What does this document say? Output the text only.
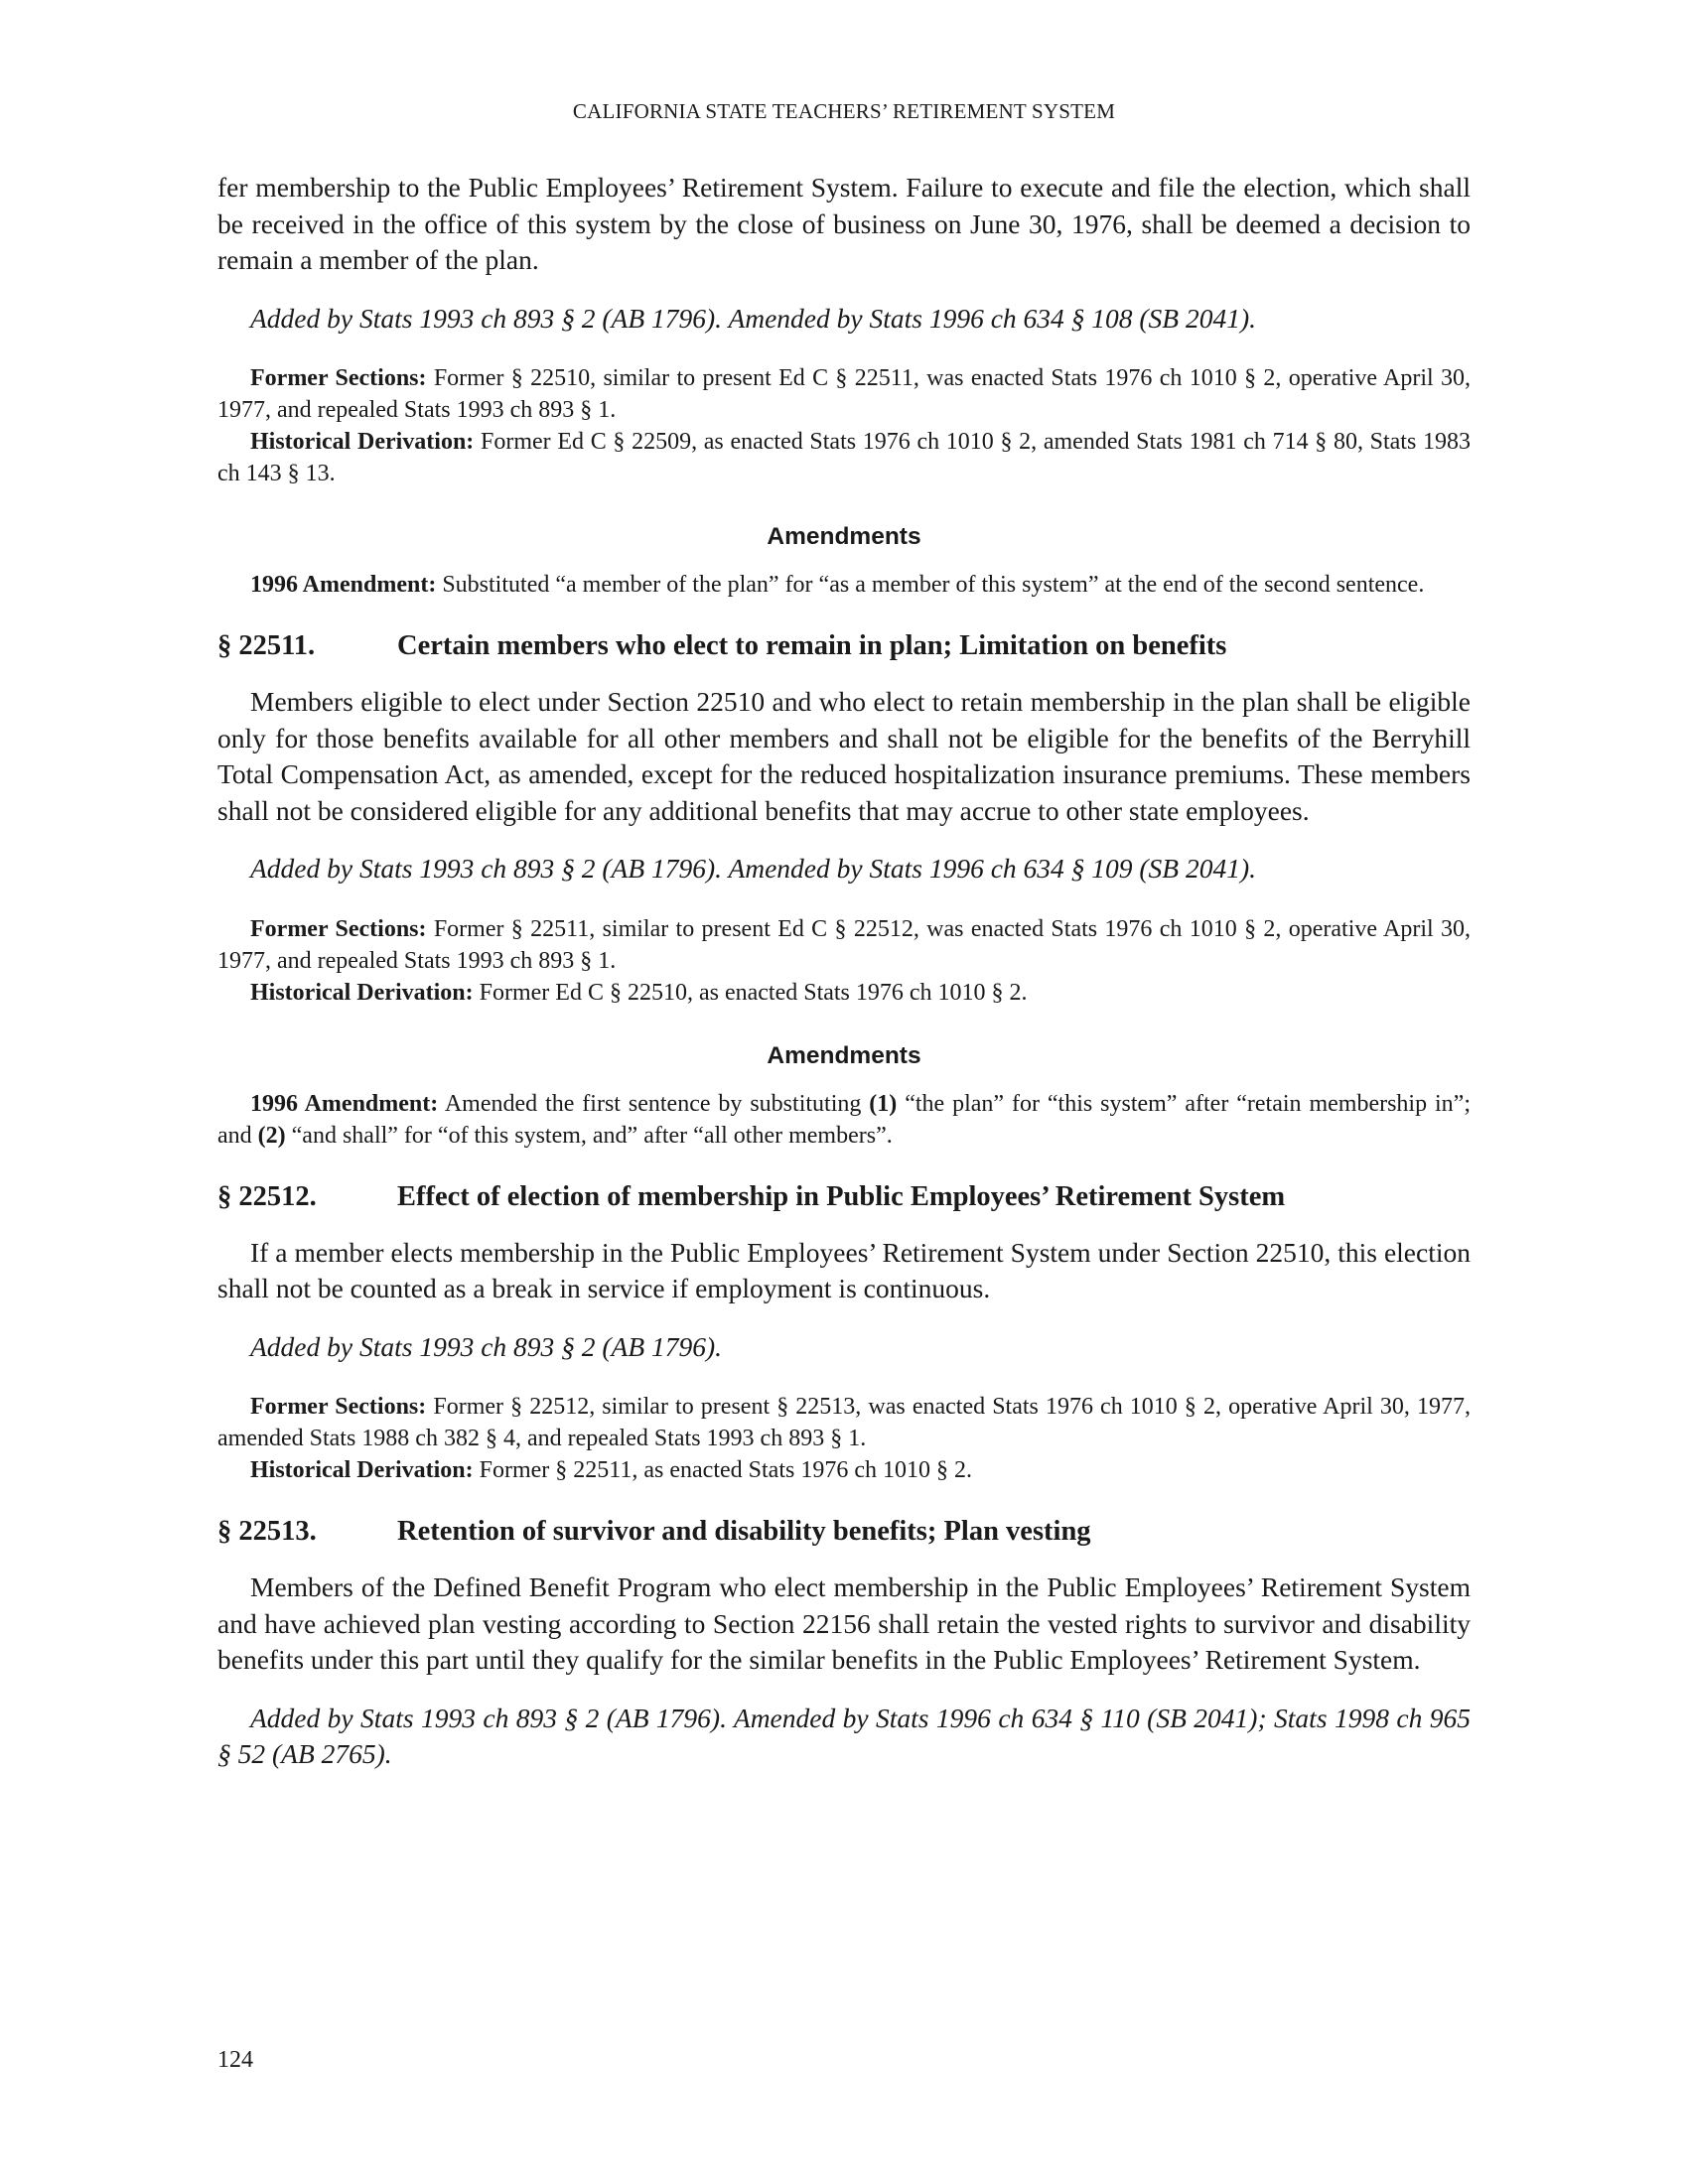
CALIFORNIA STATE TEACHERS’ RETIREMENT SYSTEM

fer membership to the Public Employees’ Retirement System. Failure to execute and file the election, which shall be received in the office of this system by the close of business on June 30, 1976, shall be deemed a decision to remain a member of the plan.

Added by Stats 1993 ch 893 § 2 (AB 1796). Amended by Stats 1996 ch 634 § 108 (SB 2041).

Former Sections: Former § 22510, similar to present Ed C § 22511, was enacted Stats 1976 ch 1010 § 2, operative April 30, 1977, and repealed Stats 1993 ch 893 § 1.

Historical Derivation: Former Ed C § 22509, as enacted Stats 1976 ch 1010 § 2, amended Stats 1981 ch 714 § 80, Stats 1983 ch 143 § 13.

Amendments

1996 Amendment: Substituted “a member of the plan” for “as a member of this system” at the end of the second sentence.

§ 22511.	Certain members who elect to remain in plan; Limitation on benefits

Members eligible to elect under Section 22510 and who elect to retain membership in the plan shall be eligible only for those benefits available for all other members and shall not be eligible for the benefits of the Berryhill Total Compensation Act, as amended, except for the reduced hospitalization insurance premiums. These members shall not be considered eligible for any additional benefits that may accrue to other state employees.

Added by Stats 1993 ch 893 § 2 (AB 1796). Amended by Stats 1996 ch 634 § 109 (SB 2041).

Former Sections: Former § 22511, similar to present Ed C § 22512, was enacted Stats 1976 ch 1010 § 2, operative April 30, 1977, and repealed Stats 1993 ch 893 § 1.

Historical Derivation: Former Ed C § 22510, as enacted Stats 1976 ch 1010 § 2.

Amendments

1996 Amendment: Amended the first sentence by substituting (1) “the plan” for “this system” after “retain membership in”; and (2) “and shall” for “of this system, and” after “all other members”.

§ 22512.	Effect of election of membership in Public Employees’ Retirement System

If a member elects membership in the Public Employees’ Retirement System under Section 22510, this election shall not be counted as a break in service if employment is continuous.

Added by Stats 1993 ch 893 § 2 (AB 1796).

Former Sections: Former § 22512, similar to present § 22513, was enacted Stats 1976 ch 1010 § 2, operative April 30, 1977, amended Stats 1988 ch 382 § 4, and repealed Stats 1993 ch 893 § 1.

Historical Derivation: Former § 22511, as enacted Stats 1976 ch 1010 § 2.

§ 22513.	Retention of survivor and disability benefits; Plan vesting

Members of the Defined Benefit Program who elect membership in the Public Employees’ Retirement System and have achieved plan vesting according to Section 22156 shall retain the vested rights to survivor and disability benefits under this part until they qualify for the similar benefits in the Public Employees’ Retirement System.

Added by Stats 1993 ch 893 § 2 (AB 1796). Amended by Stats 1996 ch 634 § 110 (SB 2041); Stats 1998 ch 965 § 52 (AB 2765).

124
